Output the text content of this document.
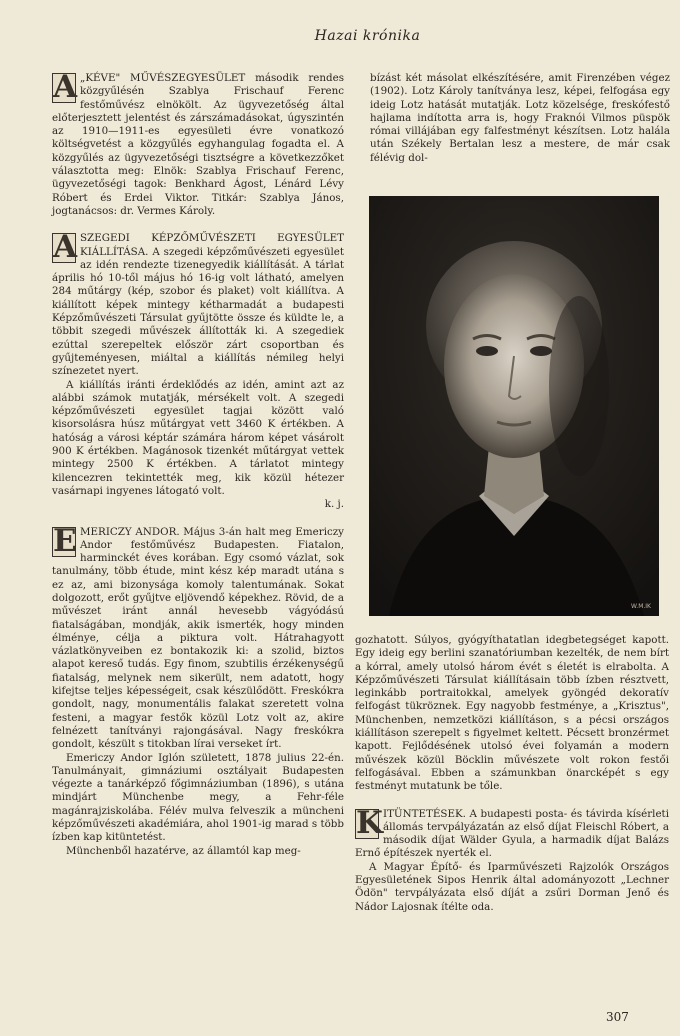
Hazai krónika
A „KÉVE" MŰVÉSZEGYESÜLET második rendes közgyűlésén Szablya Frischauf Ferenc festőművész elnökölt. Az ügyvezetőség által előterjesztett jelentést és zárszámadásokat, úgyszintén az 1910—1911-es egyesületi évre vonatkozó költségvetést a közgyűlés egyhangulag fogadta el. A közgyűlés az ügyvezetőségi tisztségre a következzőket választotta meg: Elnök: Szablya Frischauf Ferenc, ügyvezetőségi tagok: Benkhard Ágost, Lénárd Lévy Róbert és Erdei Viktor. Titkár: Szablya János, jogtanácsos: dr. Vermes Károly.

A SZEGEDI KÉPZŐMŰVÉSZETI EGYESÜLET KIÁLLÍTÁSA. A szegedi képzőművészeti egyesület az idén rendezte tizenegyedik kiállítását. A tárlat április hó 10-től május hó 16-ig volt látható, amelyen 284 műtárgy (kép, szobor és plaket) volt kiállítva. A kiállított képek mintegy kétharmadát a budapesti Képzőművészeti Társulat gyűjtötte össze és küldte le, a többit szegedi művészek állították ki. A szegediek ezúttal szerepeltek először zárt csoportban és gyűjteményesen, miáltal a kiállítás némileg helyi színezetet nyert.

A kiállítás iránti érdeklődés az idén, amint azt az alábbi számok mutatják, mérsékelt volt. A szegedi képzőművészeti egyesület tagjai között való kisorsolásra húsz műtárgyat vett 3460 K értékben. A hatóság a városi képtár számára három képet vásárolt 900 K értékben. Magánosok tizenkét műtárgyat vettek mintegy 2500 K értékben. A tárlatot mintegy kilencezren tekintették meg, kik közül hétezer vasárnapi ingyenes látogató volt.

k. j.
E MERICZY ANDOR. Május 3-án halt meg Emericzy Andor festőművész Budapesten. Fiatalon, harminckét éves korában. Egy csomó vázlat, sok tanulmány, több étude, mint kész kép maradt utána s ez az, ami bizonysága komoly talentumának. Sokat dolgozott, erőt gyűjtve eljövendő képekhez. Rövid, de a művészet iránt annál hevesebb vágyódású fiatalságában, mondják, akik ismerték, hogy minden élménye, célja a piktura volt. Hátrahagyott vázlatkönyveiben ez bontakozik ki: a szolid, biztos alapot kereső tudás. Egy finom, szubtilis érzékenységű fiatalság, melynek nem sikerült, nem adatott, hogy kifejtse teljes képességeit, csak készülődött. Freskókra gondolt, nagy, monumentális falakat szeretett volna festeni, a magyar festők közül Lotz volt az, akire felnézett tanítványi rajongásával. Nagy freskókra gondolt, készült s titokban lírai verseket írt.

Emericzy Andor Iglón született, 1878 julius 22-én. Tanulmányait, gimnáziumi osztályait Budapesten végezte a tanárképző főgimnáziumban (1896), s utána mindjárt Münchenbe megy, a Fehr-féle magánrajziskolába. Félév mulva felveszik a müncheni képzőművészeti akadémiára, ahol 1901-ig marad s több ízben kap kitüntetést.

Münchenből hazatérve, az államtól kap meg-

bízást két másolat elkészítésére, amit Firenzében végez (1902). Lotz Károly tanítványa lesz, képei, felfogása egy ideig Lotz hatását mutatják. Lotz közelsége, freskófestő hajlama indította arra is, hogy Fraknói Vilmos püspök római villájában egy falfestményt készítsen. Lotz halála után Székely Bertalan lesz a mestere, de már csak félévig dol-

W.M.IK

gozhatott. Súlyos, gyógyíthatatlan idegbetegséget kapott. Egy ideig egy berlini szanatóriumban kezelték, de nem bírt a kórral, amely utolsó három évét s életét is elrabolta. A Képzőművészeti Társulat kiállításain több ízben résztvett, leginkább portraitokkal, amelyek gyöngéd dekoratív felfogást tükröznek. Egy nagyobb festménye, a „Krisztus", Münchenben, nemzetközi kiállításon, s a pécsi országos kiállításon szerepelt s figyelmet keltett. Pécsett bronzérmet kapott. Fejlődésének utolsó évei folyamán a modern művészek közül Böcklin művészete volt rokon festői felfogásával. Ebben a számunkban önarcképét s egy festményt mutatunk be tőle.

K ITÜNTETÉSEK. A budapesti posta- és távirda kísérleti állomás tervpályázatán az első díjat Fleischl Róbert, a második díjat Wälder Gyula, a harmadik díjat Balázs Ernő építészek nyerték el.

A Magyar Építő- és Iparművészeti Rajzolók Országos Egyesületének Sipos Henrik által adományozott „Lechner Ödön" tervpályázata első díját a zsűri Dorman Jenő és Nádor Lajosnak ítélte oda.

307
